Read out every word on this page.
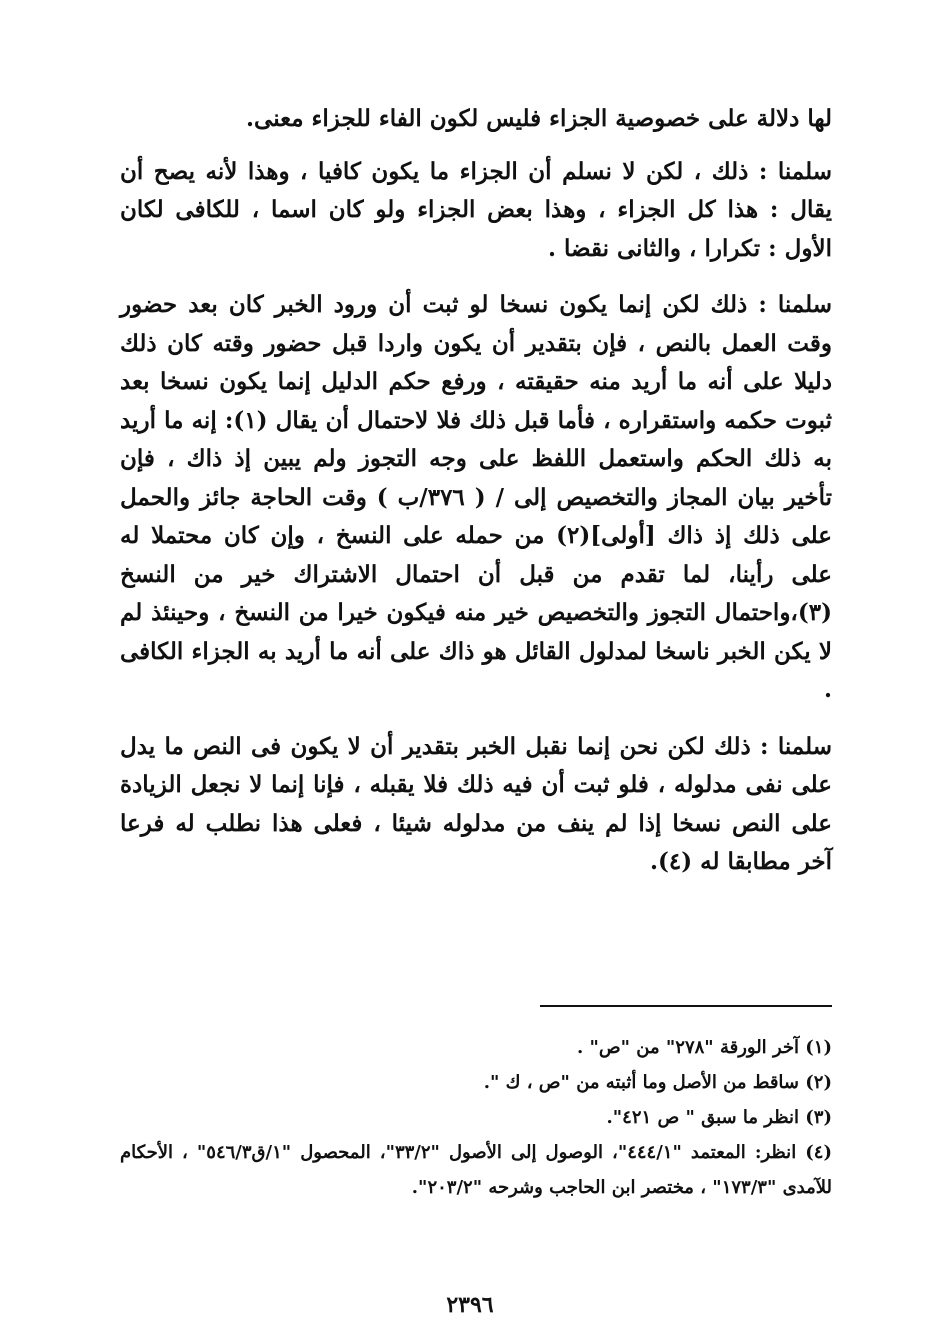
لها دلالة على خصوصية الجزاء فليس لكون الفاء للجزاء معنى.

سلمنا : ذلك ، لكن لا نسلم أن الجزاء ما يكون كافيا ، وهذا لأنه يصح أن يقال : هذا كل الجزاء ، وهذا بعض الجزاء ولو كان اسما ، للكافى لكان الأول : تكرارا ، والثانى نقضا .

سلمنا : ذلك لكن إنما يكون نسخا لو ثبت أن ورود الخبر كان بعد حضور وقت العمل بالنص ، فإن بتقدير أن يكون واردا قبل حضور وقته كان ذلك دليلا على أنه ما أريد منه حقيقته ، ورفع حكم الدليل إنما يكون نسخا بعد ثبوت حكمه واستقراره ، فأما قبل ذلك فلا لاحتمال أن يقال (١): إنه ما أريد به ذلك الحكم واستعمل اللفظ على وجه التجوز ولم يبين إذ ذاك ، فإن تأخير بيان المجاز والتخصيص إلى / ( ٣٧٦/ب ) وقت الحاجة جائز والحمل على ذلك إذ ذاك [أولى](٢) من حمله على النسخ ، وإن كان محتملا له على رأينا، لما تقدم من قبل أن احتمال الاشتراك خير من النسخ (٣)،واحتمال التجوز والتخصيص خير منه فيكون خيرا من النسخ ، وحينئذ لم لا يكن الخبر ناسخا لمدلول القائل هو ذاك على أنه ما أريد به الجزاء الكافى .

سلمنا : ذلك لكن نحن إنما نقبل الخبر بتقدير أن لا يكون فى النص ما يدل على نفى مدلوله ، فلو ثبت أن فيه ذلك فلا يقبله ، فإنا إنما لا نجعل الزيادة على النص نسخا إذا لم ينف من مدلوله شيئا ، فعلى هذا نطلب له فرعا آخر مطابقا له (٤).

(١) آخر الورقة "٢٧٨" من "ص" .

(٢) ساقط من الأصل وما أثبته من "ص ، ك ".

(٣) انظر ما سبق " ص ٤٢١".

(٤) انظر: المعتمد "٤٤٤/١"، الوصول إلى الأصول "٣٣/٢"، المحصول "١/ق٥٤٦/٣" ، الأحكام للآمدى "١٧٣/٣" ، مختصر ابن الحاجب وشرحه "٢٠٣/٢".

٢٣٩٦
